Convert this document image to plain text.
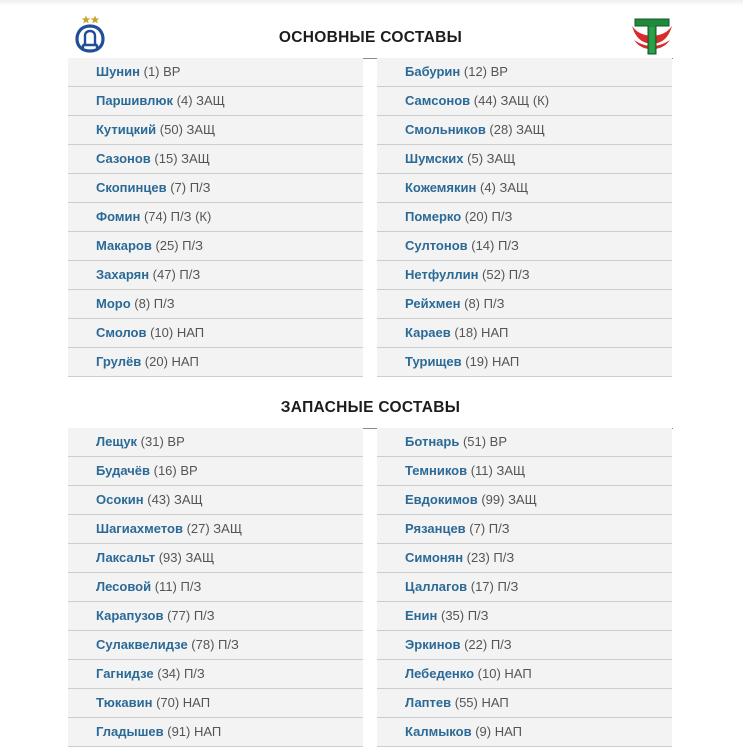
ОСНОВНЫЕ СОСТАВЫ
Шунин (1) ВР
Паршивлюк (4) ЗАЩ
Кутицкий (50) ЗАЩ
Сазонов (15) ЗАЩ
Скопинцев (7) П/З
Фомин (74) П/З (К)
Макаров (25) П/З
Захарян (47) П/З
Моро (8) П/З
Смолов (10) НАП
Грулёв (20) НАП
Бабурин (12) ВР
Самсонов (44) ЗАЩ (К)
Смольников (28) ЗАЩ
Шумских (5) ЗАЩ
Кожемякин (4) ЗАЩ
Померко (20) П/З
Султонов (14) П/З
Нетфуллин (52) П/З
Рейхмен (8) П/З
Караев (18) НАП
Турищев (19) НАП
ЗАПАСНЫЕ СОСТАВЫ
Лещук (31) ВР
Будачёв (16) ВР
Осокин (43) ЗАЩ
Шагиахметов (27) ЗАЩ
Лаксальт (93) ЗАЩ
Лесовой (11) П/З
Карапузов (77) П/З
Сулаквелидзе (78) П/З
Гагнидзе (34) П/З
Тюкавин (70) НАП
Гладышев (91) НАП
Ботнарь (51) ВР
Темников (11) ЗАЩ
Евдокимов (99) ЗАЩ
Рязанцев (7) П/З
Симонян (23) П/З
Цаллагов (17) П/З
Енин (35) П/З
Эркинов (22) П/З
Лебеденко (10) НАП
Лаптев (55) НАП
Калмыков (9) НАП
